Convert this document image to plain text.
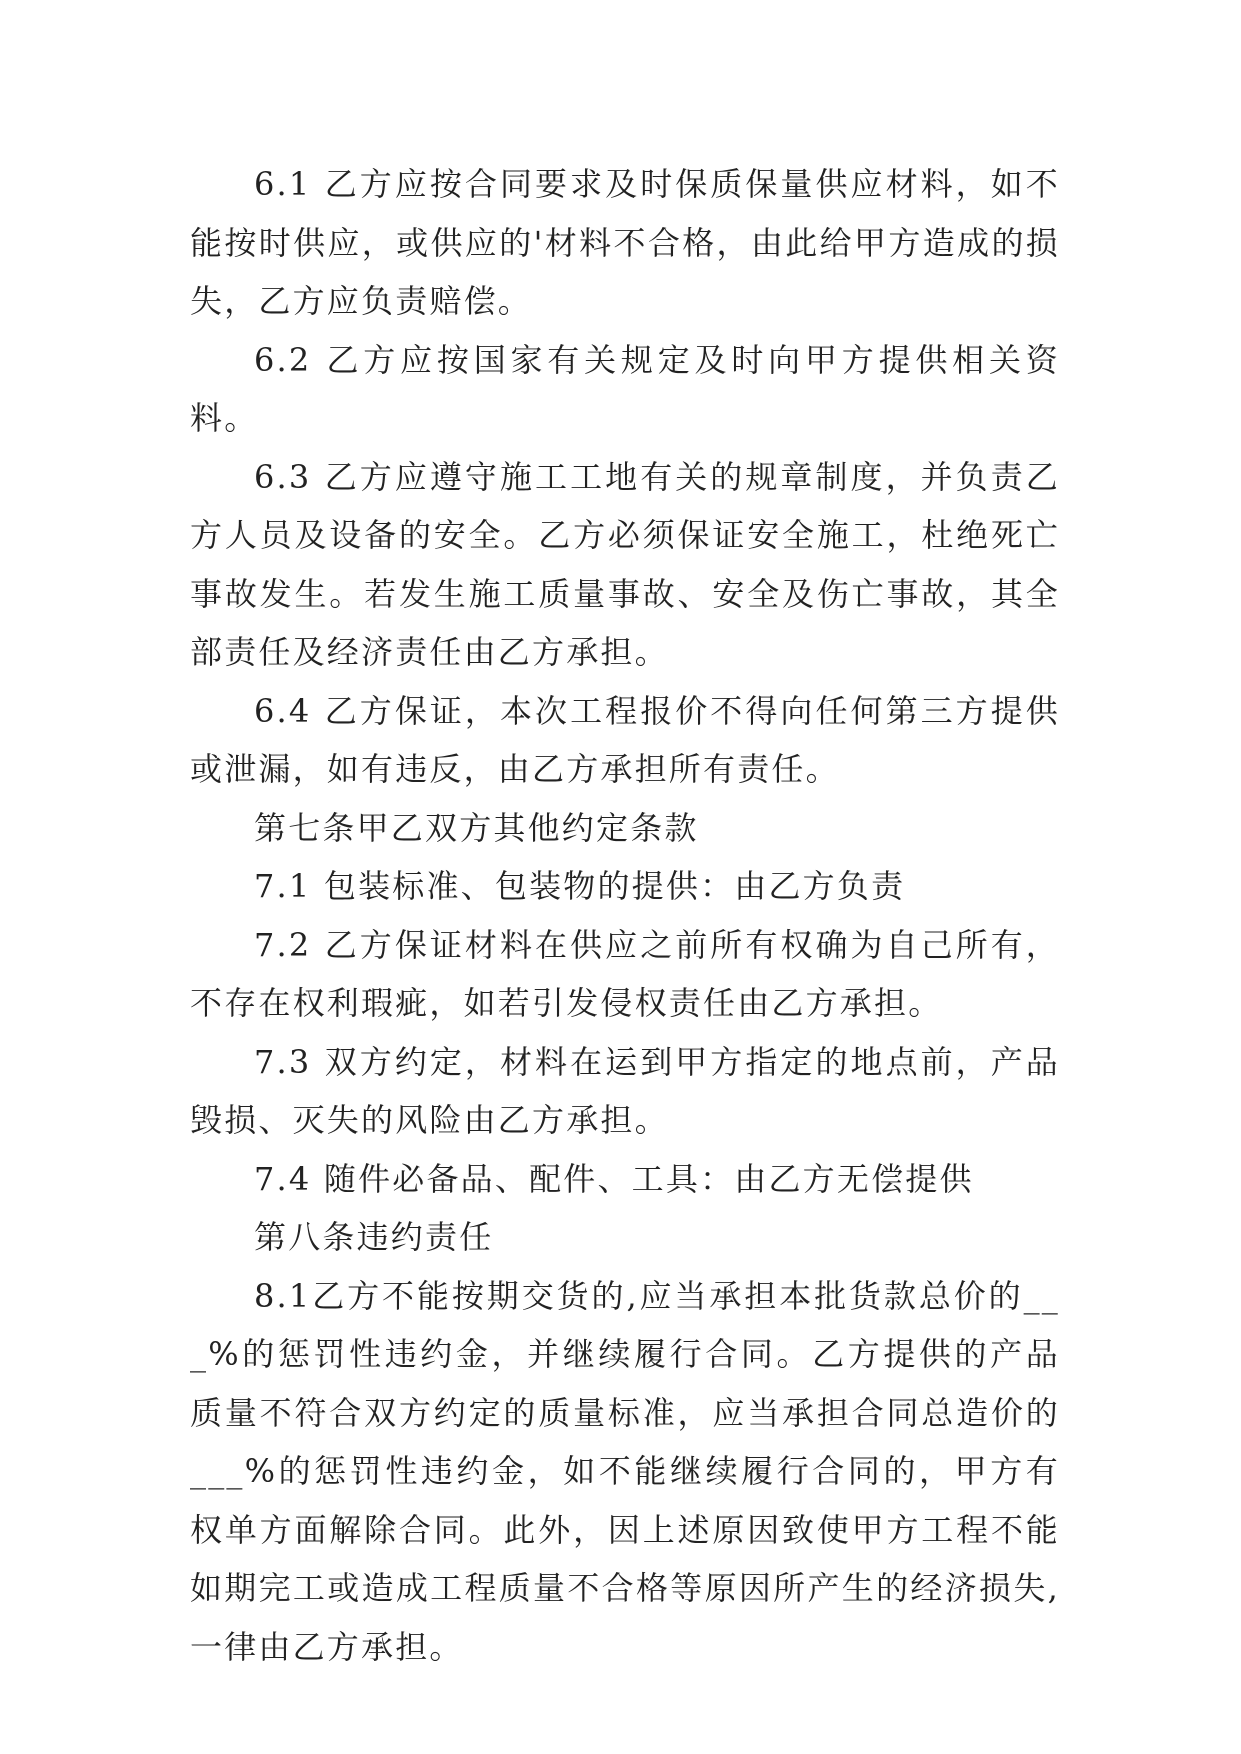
6.1 乙方应按合同要求及时保质保量供应材料，如不能按时供应，或供应的'材料不合格，由此给甲方造成的损失，乙方应负责赔偿。

6.2 乙方应按国家有关规定及时向甲方提供相关资料。

6.3 乙方应遵守施工工地有关的规章制度，并负责乙方人员及设备的安全。乙方必须保证安全施工，杜绝死亡事故发生。若发生施工质量事故、安全及伤亡事故，其全部责任及经济责任由乙方承担。

6.4 乙方保证，本次工程报价不得向任何第三方提供或泄漏，如有违反，由乙方承担所有责任。

第七条甲乙双方其他约定条款

7.1 包装标准、包装物的提供：由乙方负责

7.2 乙方保证材料在供应之前所有权确为自己所有，不存在权利瑕疵，如若引发侵权责任由乙方承担。

7.3 双方约定，材料在运到甲方指定的地点前，产品毁损、灭失的风险由乙方承担。

7.4 随件必备品、配件、工具：由乙方无偿提供

第八条违约责任

8.1乙方不能按期交货的,应当承担本批货款总价的___%的惩罚性违约金，并继续履行合同。乙方提供的产品质量不符合双方约定的质量标准，应当承担合同总造价的___%的惩罚性违约金，如不能继续履行合同的，甲方有权单方面解除合同。此外，因上述原因致使甲方工程不能如期完工或造成工程质量不合格等原因所产生的经济损失,一律由乙方承担。
